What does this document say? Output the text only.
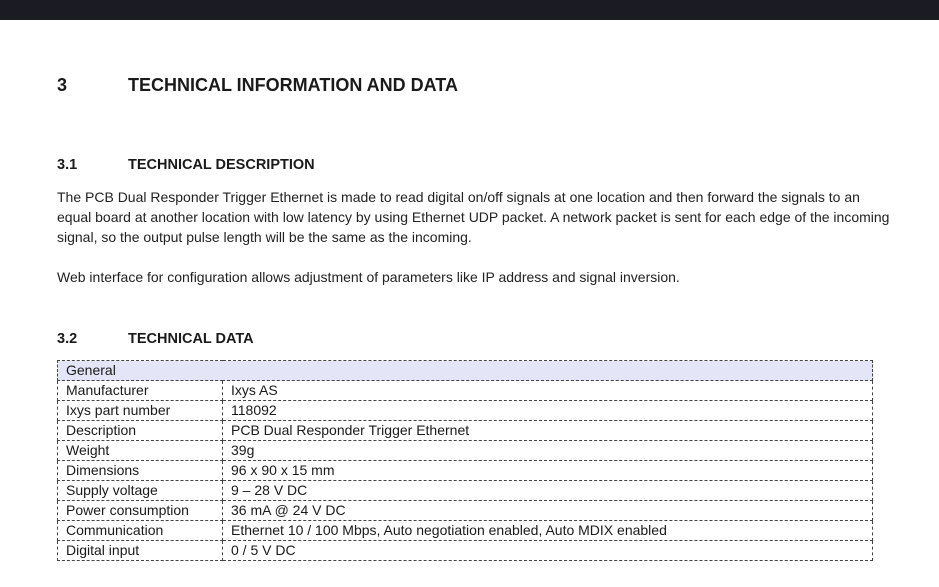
3	TECHNICAL INFORMATION AND DATA
3.1	TECHNICAL DESCRIPTION

The PCB Dual Responder Trigger Ethernet is made to read digital on/off signals at one location and then forward the signals to an equal board at another location with low latency by using Ethernet UDP packet. A network packet is sent for each edge of the incoming signal, so the output pulse length will be the same as the incoming.

Web interface for configuration allows adjustment of parameters like IP address and signal inversion.

3.2	TECHNICAL DATA
General	
Manufacturer	Ixys AS
Ixys part number	118092
Description	PCB Dual Responder Trigger Ethernet
Weight	39g
Dimensions	96 x 90 x 15 mm
Supply voltage	9 – 28 V DC
Power consumption	36 mA @ 24 V DC
Communication	Ethernet 10 / 100 Mbps, Auto negotiation enabled, Auto MDIX enabled
Digital input	0 / 5 V DC
